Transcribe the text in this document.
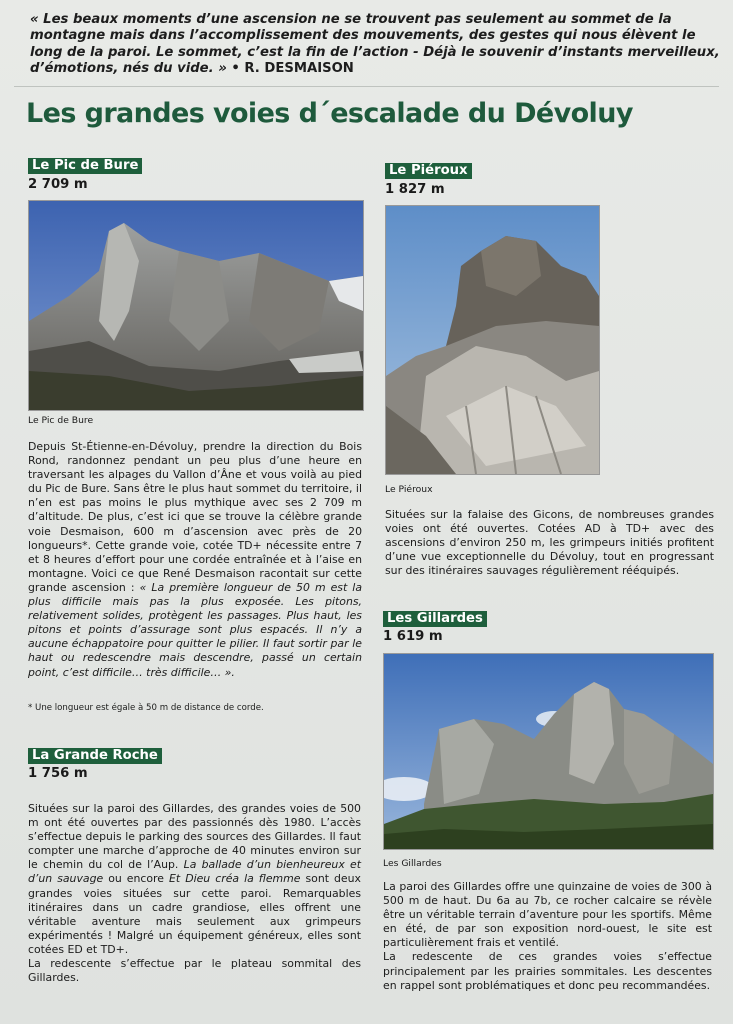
« Les beaux moments d’une ascension ne se trouvent pas seulement au sommet de la montagne mais dans l’accomplissement des mouvements, des gestes qui nous élèvent le long de la paroi. Le sommet, c’est la fin de l’action - Déjà le souvenir d’instants merveilleux, d’émotions, nés du vide. » • R. DESMAISON
Les grandes voies d´escalade du Dévoluy
Le Pic de Bure
2 709 m
Le Pic de Bure
Depuis St-Étienne-en-Dévoluy, prendre la direction du Bois Rond, randonnez pendant un peu plus d’une heure en traversant les alpages du Vallon d’Âne et vous voilà au pied du Pic de Bure. Sans être le plus haut sommet du territoire, il n’en est pas moins le plus mythique avec ses 2 709 m d’altitude. De plus, c’est ici que se trouve la célèbre grande voie Desmaison, 600 m d’ascension avec près de 20 longueurs*. Cette grande voie, cotée TD+ nécessite entre 7 et 8 heures d’effort pour une cordée entraînée et à l’aise en montagne. Voici ce que René Desmaison racontait sur cette grande ascension : « La première longueur de 50 m est la plus difficile mais pas la plus exposée. Les pitons, relativement solides, protègent les passages. Plus haut, les pitons et points d’assurage sont plus espacés. Il n’y a aucune échappatoire pour quitter le pilier. Il faut sortir par le haut ou redescendre mais descendre, passé un certain point, c’est difficile… très difficile… ».
* Une longueur est égale à 50 m de distance de corde.
La Grande Roche
1 756 m
Situées sur la paroi des Gillardes, des grandes voies de 500 m ont été ouvertes par des passionnés dès 1980. L’accès s’effectue depuis le parking des sources des Gillardes. Il faut compter une marche d’approche de 40 minutes environ sur le chemin du col de l’Aup. La ballade d’un bienheureux et d’un sauvage ou encore Et Dieu créa la flemme sont deux grandes voies situées sur cette paroi. Remarquables itinéraires dans un cadre grandiose, elles offrent une véritable aventure mais seulement aux grimpeurs expérimentés ! Malgré un équipement généreux, elles sont cotées ED et TD+.
La redescente s’effectue par le plateau sommital des Gillardes.
Le Piéroux
1 827 m
Le Piéroux
Situées sur la falaise des Gicons, de nombreuses grandes voies ont été ouvertes. Cotées AD à TD+ avec des ascensions d’environ 250 m, les grimpeurs initiés profitent d’une vue exceptionnelle du Dévoluy, tout en progressant sur des itinéraires sauvages régulièrement rééquipés.
Les Gillardes
1 619 m
Les Gillardes
La paroi des Gillardes offre une quinzaine de voies de 300 à 500 m de haut. Du 6a au 7b, ce rocher calcaire se révèle être un véritable terrain d’aventure pour les sportifs. Même en été, de par son exposition nord-ouest, le site est particulièrement frais et ventilé.
La redescente de ces grandes voies s’effectue principalement par les prairies sommitales. Les descentes en rappel sont problématiques et donc peu recommandées.
